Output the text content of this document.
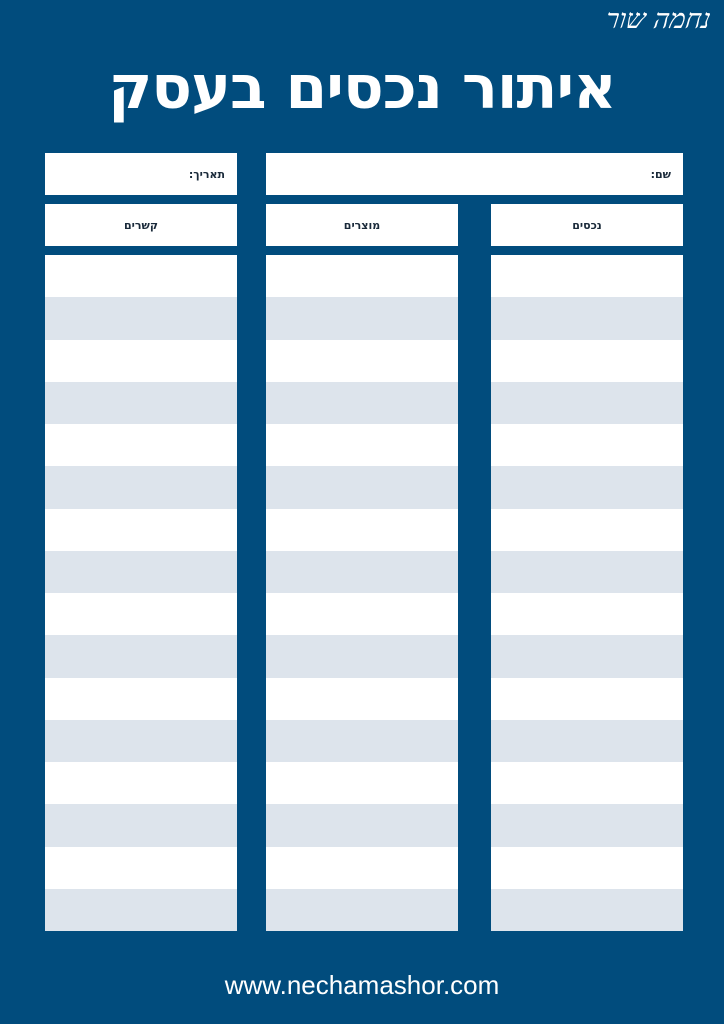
נחמה שור
איתור נכסים בעסק
שם:
תאריך:
נכסים
מוצרים
קשרים
www.nechamashor.com
